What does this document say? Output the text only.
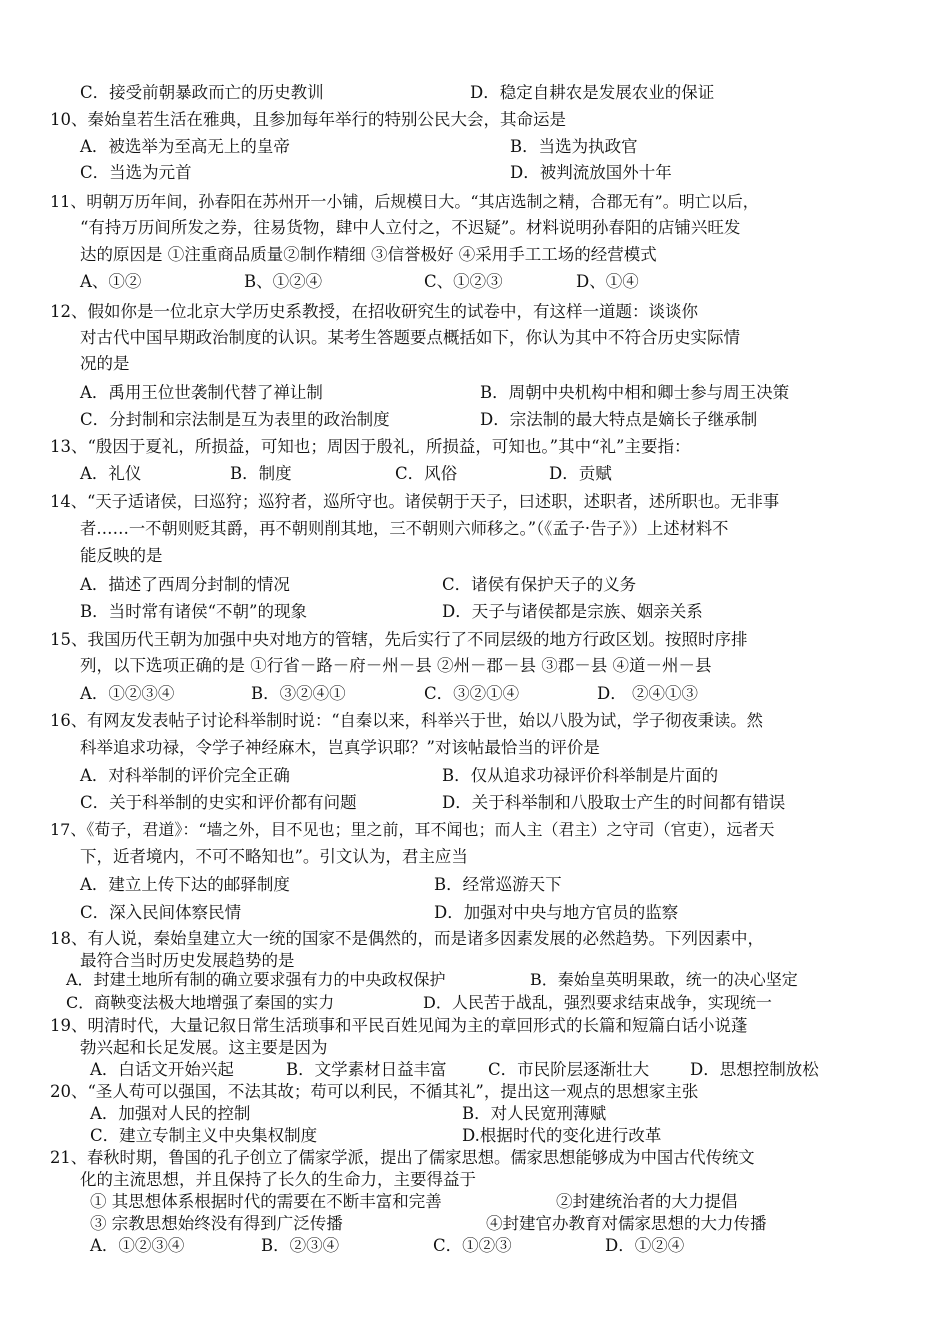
C．接受前朝暴政而亡的历史教训	D．稳定自耕农是发展农业的保证
10、秦始皇若生活在雅典，且参加每年举行的特别公民大会，其命运是
A．被选举为至高无上的皇帝	B．当选为执政官
C．当选为元首	D．被判流放国外十年
11、明朝万历年间，孙春阳在苏州开一小铺，后规模日大。“其店选制之精，合郡无有”。明亡以后，
“有持万历间所发之券，往易货物，肆中人立付之，不迟疑”。材料说明孙春阳的店铺兴旺发
达的原因是 ①注重商品质量②制作精细 ③信誉极好 ④采用手工工场的经营模式
A、①②	B、①②④	C、①②③	D、①④
12、假如你是一位北京大学历史系教授，在招收研究生的试卷中，有这样一道题：谈谈你
对古代中国早期政治制度的认识。某考生答题要点概括如下，你认为其中不符合历史实际情
况的是
A．禹用王位世袭制代替了禅让制	B．周朝中央机构中相和卿士参与周王决策
C．分封制和宗法制是互为表里的政治制度	D．宗法制的最大特点是嫡长子继承制
13、“殷因于夏礼，所损益，可知也；周因于殷礼，所损益，可知也。”其中“礼”主要指：
A．礼仪	B．制度	C．风俗	D．贡赋
14、“天子适诸侯，曰巡狩；巡狩者，巡所守也。诸侯朝于天子，曰述职，述职者，述所职也。无非事
者……一不朝则贬其爵，再不朝则削其地，三不朝则六师移之。”（《孟子·告子》）上述材料不
能反映的是
A．描述了西周分封制的情况	C．诸侯有保护天子的义务
B．当时常有诸侯“不朝”的现象	D．天子与诸侯都是宗族、姻亲关系
15、我国历代王朝为加强中央对地方的管辖，先后实行了不同层级的地方行政区划。按照时序排
列，以下选项正确的是 ①行省－路－府－州－县 ②州－郡－县 ③郡－县 ④道－州－县
A．①②③④	B．③②④①	C．③②①④	D． ②④①③
16、有网友发表帖子讨论科举制时说：“自秦以来，科举兴于世，始以八股为试，学子彻夜秉读。然
科举追求功禄，令学子神经麻木，岂真学识耶？”对该帖最恰当的评价是
A．对科举制的评价完全正确	B．仅从追求功禄评价科举制是片面的
C．关于科举制的史实和评价都有问题	D．关于科举制和八股取士产生的时间都有错误
17、《荀子，君道》：“墙之外，目不见也；里之前，耳不闻也；而人主（君主）之守司（官吏），远者天
下，近者境内，不可不略知也”。引文认为，君主应当
A．建立上传下达的邮驿制度	B．经常巡游天下
C．深入民间体察民情	D．加强对中央与地方官员的监察
18、有人说，秦始皇建立大一统的国家不是偶然的，而是诸多因素发展的必然趋势。下列因素中，
最符合当时历史发展趋势的是
A．封建土地所有制的确立要求强有力的中央政权保护	B．秦始皇英明果敢，统一的决心坚定
C．商鞅变法极大地增强了秦国的实力	D．人民苦于战乱，强烈要求结束战争，实现统一
19、明清时代，大量记叙日常生活琐事和平民百姓见闻为主的章回形式的长篇和短篇白话小说蓬
勃兴起和长足发展。这主要是因为
A．白话文开始兴起	B．文学素材日益丰富	C．市民阶层逐渐壮大 D．思想控制放松
20、“圣人苟可以强国，不法其故；苟可以利民，不循其礼”，提出这一观点的思想家主张
A．加强对人民的控制	B．对人民宽刑薄赋
C．建立专制主义中央集权制度	D.根据时代的变化进行改革
21、春秋时期，鲁国的孔子创立了儒家学派，提出了儒家思想。儒家思想能够成为中国古代传统文
化的主流思想，并且保持了长久的生命力，主要得益于
① 其思想体系根据时代的需要在不断丰富和完善	②封建统治者的大力提倡
③ 宗教思想始终没有得到广泛传播	④封建官办教育对儒家思想的大力传播
A．①②③④	B．②③④	C．①②③	D．①②④
